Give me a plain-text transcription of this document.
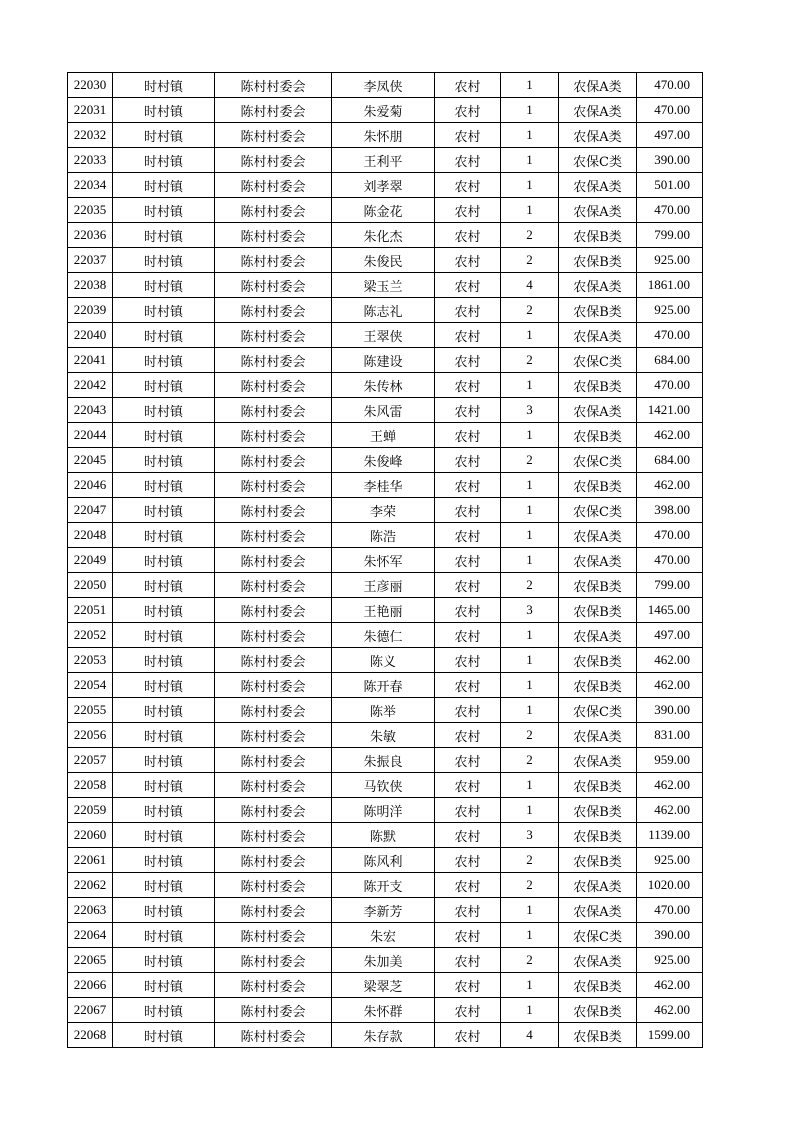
22030	时村镇	陈村村委会	李凤侠	农村	1	农保A类	470.00
22031	时村镇	陈村村委会	朱爱菊	农村	1	农保A类	470.00
22032	时村镇	陈村村委会	朱怀朋	农村	1	农保A类	497.00
22033	时村镇	陈村村委会	王利平	农村	1	农保C类	390.00
22034	时村镇	陈村村委会	刘孝翠	农村	1	农保A类	501.00
22035	时村镇	陈村村委会	陈金花	农村	1	农保A类	470.00
22036	时村镇	陈村村委会	朱化杰	农村	2	农保B类	799.00
22037	时村镇	陈村村委会	朱俊民	农村	2	农保B类	925.00
22038	时村镇	陈村村委会	梁玉兰	农村	4	农保A类	1861.00
22039	时村镇	陈村村委会	陈志礼	农村	2	农保B类	925.00
22040	时村镇	陈村村委会	王翠侠	农村	1	农保A类	470.00
22041	时村镇	陈村村委会	陈建设	农村	2	农保C类	684.00
22042	时村镇	陈村村委会	朱传林	农村	1	农保B类	470.00
22043	时村镇	陈村村委会	朱风雷	农村	3	农保A类	1421.00
22044	时村镇	陈村村委会	王蝉	农村	1	农保B类	462.00
22045	时村镇	陈村村委会	朱俊峰	农村	2	农保C类	684.00
22046	时村镇	陈村村委会	李桂华	农村	1	农保B类	462.00
22047	时村镇	陈村村委会	李荣	农村	1	农保C类	398.00
22048	时村镇	陈村村委会	陈浩	农村	1	农保A类	470.00
22049	时村镇	陈村村委会	朱怀军	农村	1	农保A类	470.00
22050	时村镇	陈村村委会	王彦丽	农村	2	农保B类	799.00
22051	时村镇	陈村村委会	王艳丽	农村	3	农保B类	1465.00
22052	时村镇	陈村村委会	朱德仁	农村	1	农保A类	497.00
22053	时村镇	陈村村委会	陈义	农村	1	农保B类	462.00
22054	时村镇	陈村村委会	陈开春	农村	1	农保B类	462.00
22055	时村镇	陈村村委会	陈举	农村	1	农保C类	390.00
22056	时村镇	陈村村委会	朱敏	农村	2	农保A类	831.00
22057	时村镇	陈村村委会	朱振良	农村	2	农保A类	959.00
22058	时村镇	陈村村委会	马钦侠	农村	1	农保B类	462.00
22059	时村镇	陈村村委会	陈明洋	农村	1	农保B类	462.00
22060	时村镇	陈村村委会	陈默	农村	3	农保B类	1139.00
22061	时村镇	陈村村委会	陈风利	农村	2	农保B类	925.00
22062	时村镇	陈村村委会	陈开支	农村	2	农保A类	1020.00
22063	时村镇	陈村村委会	李新芳	农村	1	农保A类	470.00
22064	时村镇	陈村村委会	朱宏	农村	1	农保C类	390.00
22065	时村镇	陈村村委会	朱加美	农村	2	农保A类	925.00
22066	时村镇	陈村村委会	梁翠芝	农村	1	农保B类	462.00
22067	时村镇	陈村村委会	朱怀群	农村	1	农保B类	462.00
22068	时村镇	陈村村委会	朱存款	农村	4	农保B类	1599.00
